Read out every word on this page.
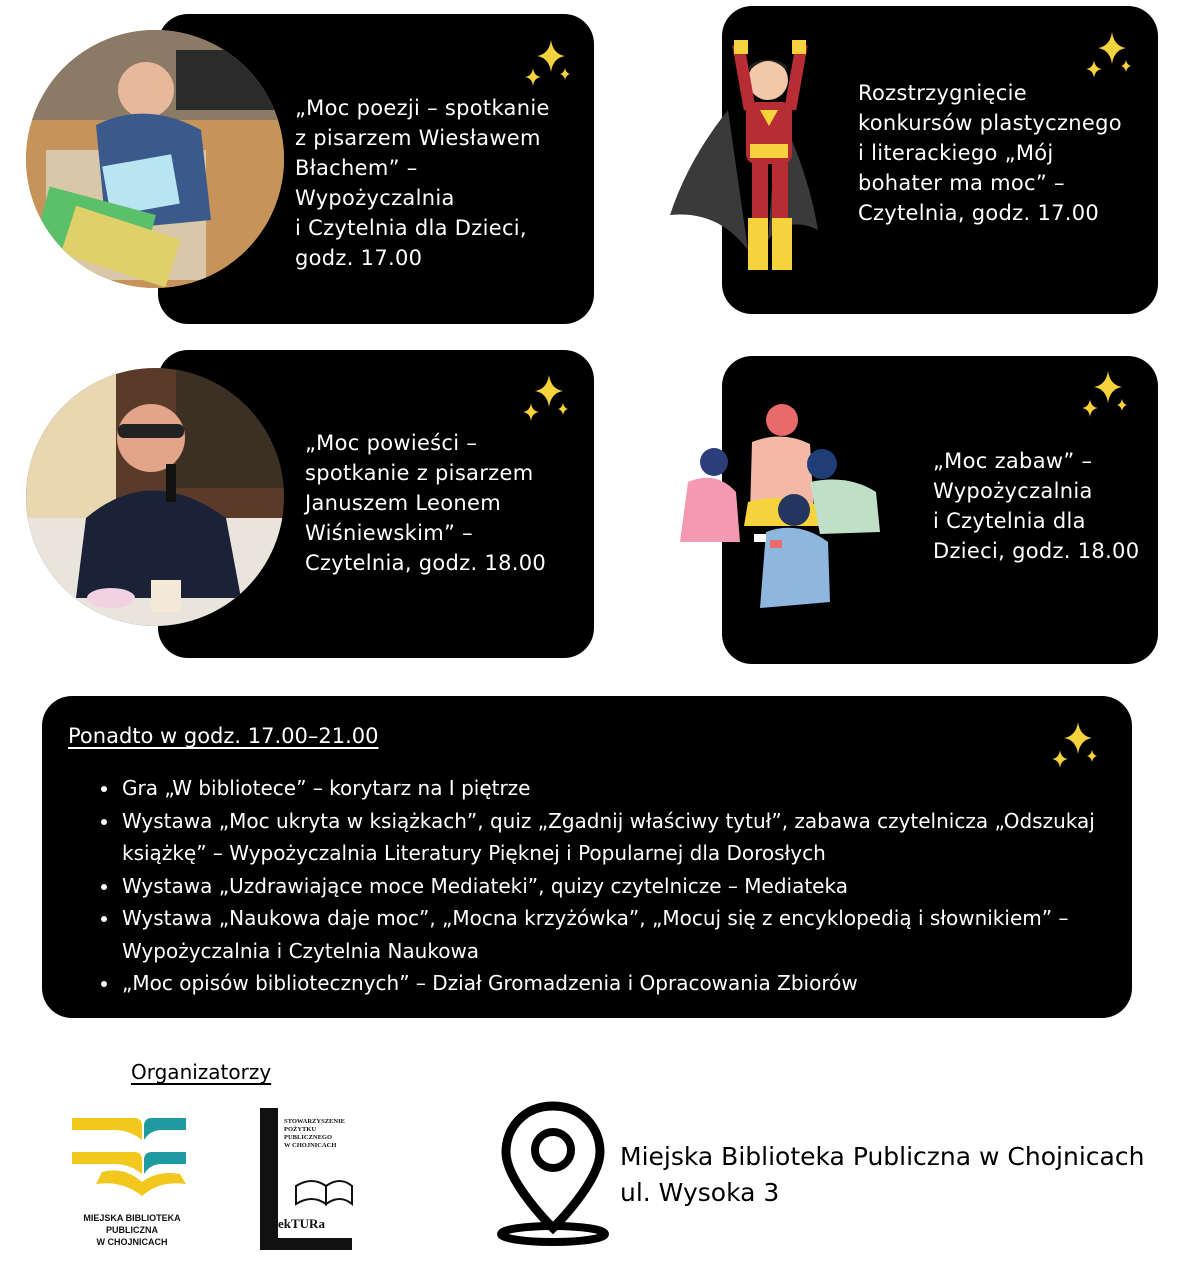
„Moc poezji – spotkanie
z pisarzem Wiesławem
Błachem” –
Wypożyczalnia
i Czytelnia dla Dzieci,
godz. 17.00
Rozstrzygnięcie
konkursów plastycznego
i literackiego „Mój
bohater ma moc” –
Czytelnia, godz. 17.00
„Moc powieści –
spotkanie z pisarzem
Januszem Leonem
Wiśniewskim” –
Czytelnia, godz. 18.00
„Moc zabaw” –
Wypożyczalnia
i Czytelnia dla
Dzieci, godz. 18.00
Ponadto w godz. 17.00–21.00
• Gra „W bibliotece” – korytarz na I piętrze
• Wystawa „Moc ukryta w książkach”, quiz „Zgadnij właściwy tytuł”, zabawa czytelnicza „Odszukaj książkę” – Wypożyczalnia Literatury Pięknej i Popularnej dla Dorosłych
• Wystawa „Uzdrawiające moce Mediateki”, quizy czytelnicze – Mediateka
• Wystawa „Naukowa daje moc”, „Mocna krzyżówka”, „Mocuj się z encyklopedią i słownikiem” – Wypożyczalnia i Czytelnia Naukowa
• „Moc opisów bibliotecznych” – Dział Gromadzenia i Opracowania Zbiorów
Organizatorzy
MIEJSKA BIBLIOTEKA PUBLICZNA
W CHOJNICACH
STOWARZYSZENIE
POŻYTKU
PUBLICZNEGO
W CHOJNICACH
ekTURa
Miejska Biblioteka Publiczna w Chojnicach
ul. Wysoka 3
